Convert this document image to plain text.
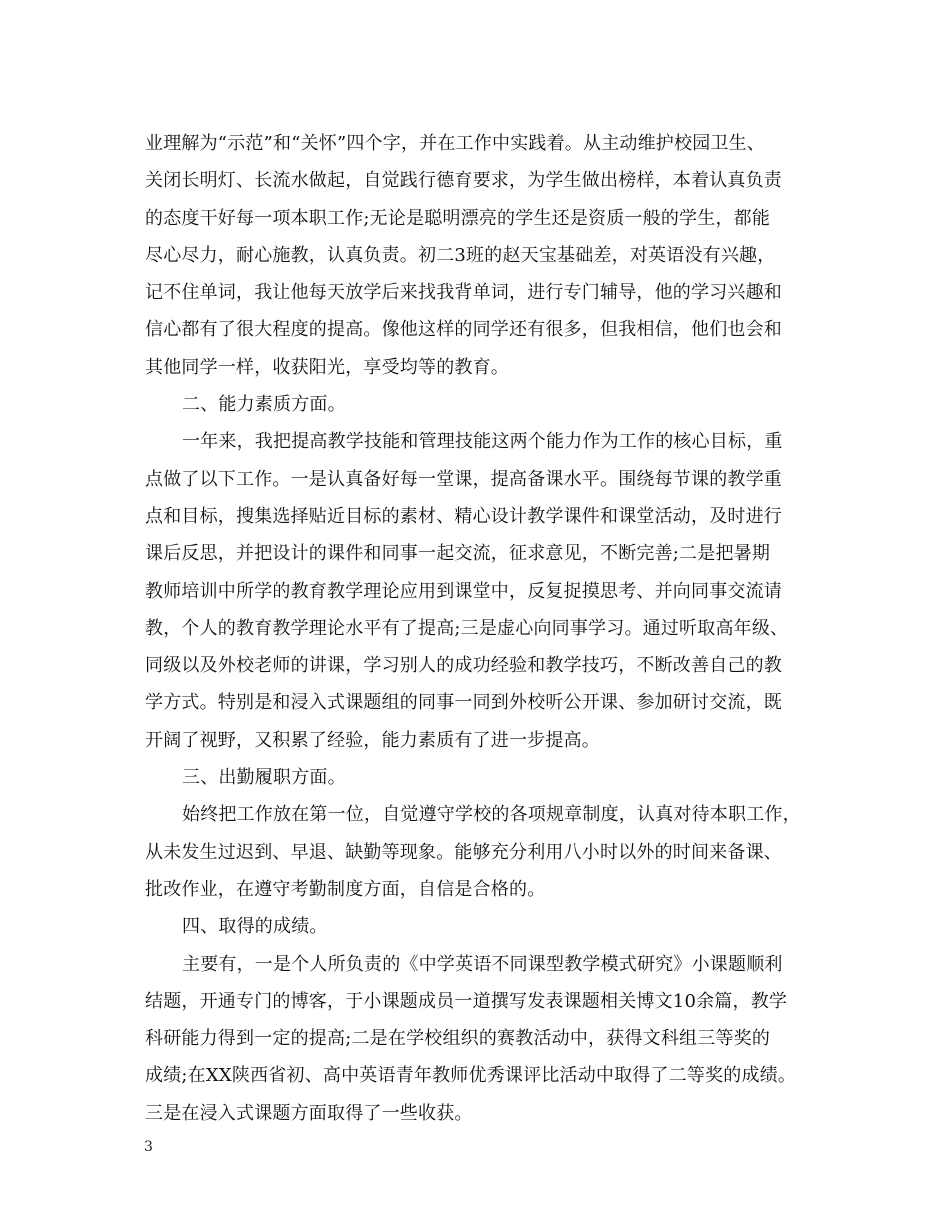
业理解为“示范”和“关怀”四个字，并在工作中实践着。从主动维护校园卫生、
关闭长明灯、长流水做起，自觉践行德育要求，为学生做出榜样，本着认真负责
的态度干好每一项本职工作;无论是聪明漂亮的学生还是资质一般的学生，都能
尽心尽力，耐心施教，认真负责。初二3班的赵天宝基础差，对英语没有兴趣，
记不住单词，我让他每天放学后来找我背单词，进行专门辅导，他的学习兴趣和
信心都有了很大程度的提高。像他这样的同学还有很多，但我相信，他们也会和
其他同学一样，收获阳光，享受均等的教育。
二、能力素质方面。
一年来，我把提高教学技能和管理技能这两个能力作为工作的核心目标，重
点做了以下工作。一是认真备好每一堂课，提高备课水平。围绕每节课的教学重
点和目标，搜集选择贴近目标的素材、精心设计教学课件和课堂活动，及时进行
课后反思，并把设计的课件和同事一起交流，征求意见，不断完善;二是把暑期
教师培训中所学的教育教学理论应用到课堂中，反复捉摸思考、并向同事交流请
教，个人的教育教学理论水平有了提高;三是虚心向同事学习。通过听取高年级、
同级以及外校老师的讲课，学习别人的成功经验和教学技巧，不断改善自己的教
学方式。特别是和浸入式课题组的同事一同到外校听公开课、参加研讨交流，既
开阔了视野，又积累了经验，能力素质有了进一步提高。
三、出勤履职方面。
始终把工作放在第一位，自觉遵守学校的各项规章制度，认真对待本职工作，
从未发生过迟到、早退、缺勤等现象。能够充分利用八小时以外的时间来备课、
批改作业，在遵守考勤制度方面，自信是合格的。
四、取得的成绩。
主要有，一是个人所负责的《中学英语不同课型教学模式研究》小课题顺利
结题，开通专门的博客，于小课题成员一道撰写发表课题相关博文10余篇，教学
科研能力得到一定的提高;二是在学校组织的赛教活动中，获得文科组三等奖的
成绩;在XX陕西省初、高中英语青年教师优秀课评比活动中取得了二等奖的成绩。
三是在浸入式课题方面取得了一些收获。
3
